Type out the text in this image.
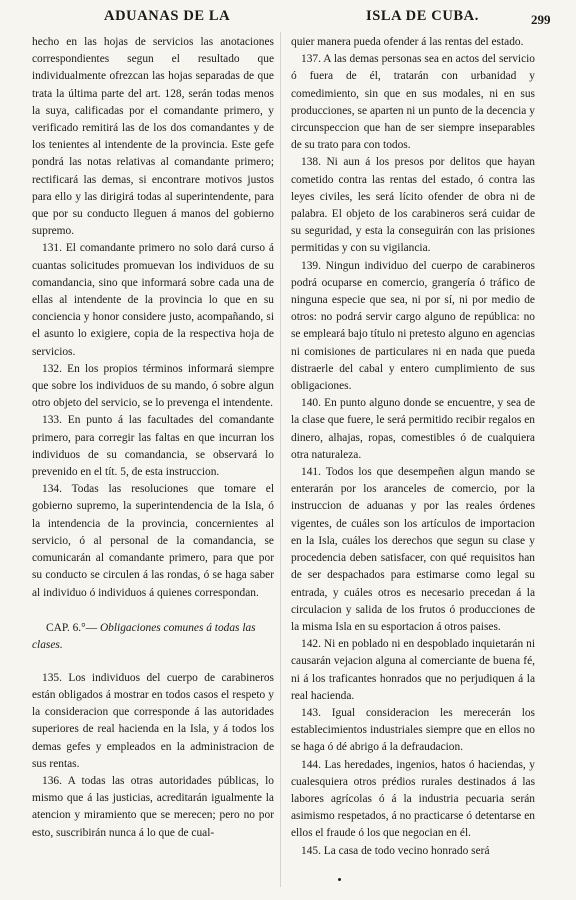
ADUANAS DE LA	ISLA DE CUBA.	299

hecho en las hojas de servicios las anotaciones correspondientes segun el resultado que individualmente ofrezcan las hojas separadas de que trata la última parte del art. 128, serán todas menos la suya, calificadas por el comandante primero, y verificado remitirá las de los dos comandantes y de los tenientes al intendente de la provincia. Este gefe pondrá las notas relativas al comandante primero; rectificará las demas, si encontrare motivos justos para ello y las dirigirá todas al superintendente, para que por su conducto lleguen á manos del gobierno supremo.

131. El comandante primero no solo dará curso á cuantas solicitudes promuevan los individuos de su comandancia, sino que informará sobre cada una de ellas al intendente de la provincia lo que en su conciencia y honor considere justo, acompañando, si el asunto lo exigiere, copia de la respectiva hoja de servicios.

132. En los propios términos informará siempre que sobre los individuos de su mando, ó sobre algun otro objeto del servicio, se lo prevenga el intendente.

133. En punto á las facultades del comandante primero, para corregir las faltas en que incurran los individuos de su comandancia, se observará lo prevenido en el tít. 5, de esta instruccion.

134. Todas las resoluciones que tomare el gobierno supremo, la superintendencia de la Isla, ó la intendencia de la provincia, concernientes al servicio, ó al personal de la comandancia, se comunicarán al comandante primero, para que por su conducto se circulen á las rondas, ó se haga saber al individuo ó individuos á quienes correspondan.

CAP. 6.°— Obligaciones comunes á todas las clases.

135. Los individuos del cuerpo de carabineros están obligados á mostrar en todos casos el respeto y la consideracion que corresponde á las autoridades superiores de real hacienda en la Isla, y á todos los demas gefes y empleados en la administracion de sus rentas.

136. A todas las otras autoridades públicas, lo mismo que á las justicias, acreditarán igualmente la atencion y miramiento que se merecen; pero no por esto, suscribirán nunca á lo que de cual-

quier manera pueda ofender á las rentas del estado.

137. A las demas personas sea en actos del servicio ó fuera de él, tratarán con urbanidad y comedimiento, sin que en sus modales, ni en sus producciones, se aparten ni un punto de la decencia y circunspeccion que han de ser siempre inseparables de su trato para con todos.

138. Ni aun á los presos por delitos que hayan cometido contra las rentas del estado, ó contra las leyes civiles, les será lícito ofender de obra ni de palabra. El objeto de los carabineros será cuidar de su seguridad, y esta la conseguirán con las prisiones permitidas y con su vigilancia.

139. Ningun individuo del cuerpo de carabineros podrá ocuparse en comercio, grangería ó tráfico de ninguna especie que sea, ni por sí, ni por medio de otros: no podrá servir cargo alguno de república: no se empleará bajo título ni pretesto alguno en agencias ni comisiones de particulares ni en nada que pueda distraerle del cabal y entero cumplimiento de sus obligaciones.

140. En punto alguno donde se encuentre, y sea de la clase que fuere, le será permitido recibir regalos en dinero, alhajas, ropas, comestibles ó de cualquiera otra naturaleza.

141. Todos los que desempeñen algun mando se enterarán por los aranceles de comercio, por la instruccion de aduanas y por las reales órdenes vigentes, de cuáles son los artículos de importacion en la Isla, cuáles los derechos que segun su clase y procedencia deben satisfacer, con qué requisitos han de ser despachados para estimarse como legal su entrada, y cuáles otros es necesario precedan á la circulacion y salida de los frutos ó producciones de la misma Isla en su esportacion á otros paises.

142. Ni en poblado ni en despoblado inquietarán ni causarán vejacion alguna al comerciante de buena fé, ni á los traficantes honrados que no perjudiquen á la real hacienda.

143. Igual consideracion les merecerán los establecimientos industriales siempre que en ellos no se haga ó dé abrigo á la defraudacion.

144. Las heredades, ingenios, hatos ó haciendas, y cualesquiera otros prédios rurales destinados á las labores agrícolas ó á la industria pecuaria serán asimismo respetados, á no practicarse ó detentarse en ellos el fraude ó los que negocian en él.

145. La casa de todo vecino honrado será
